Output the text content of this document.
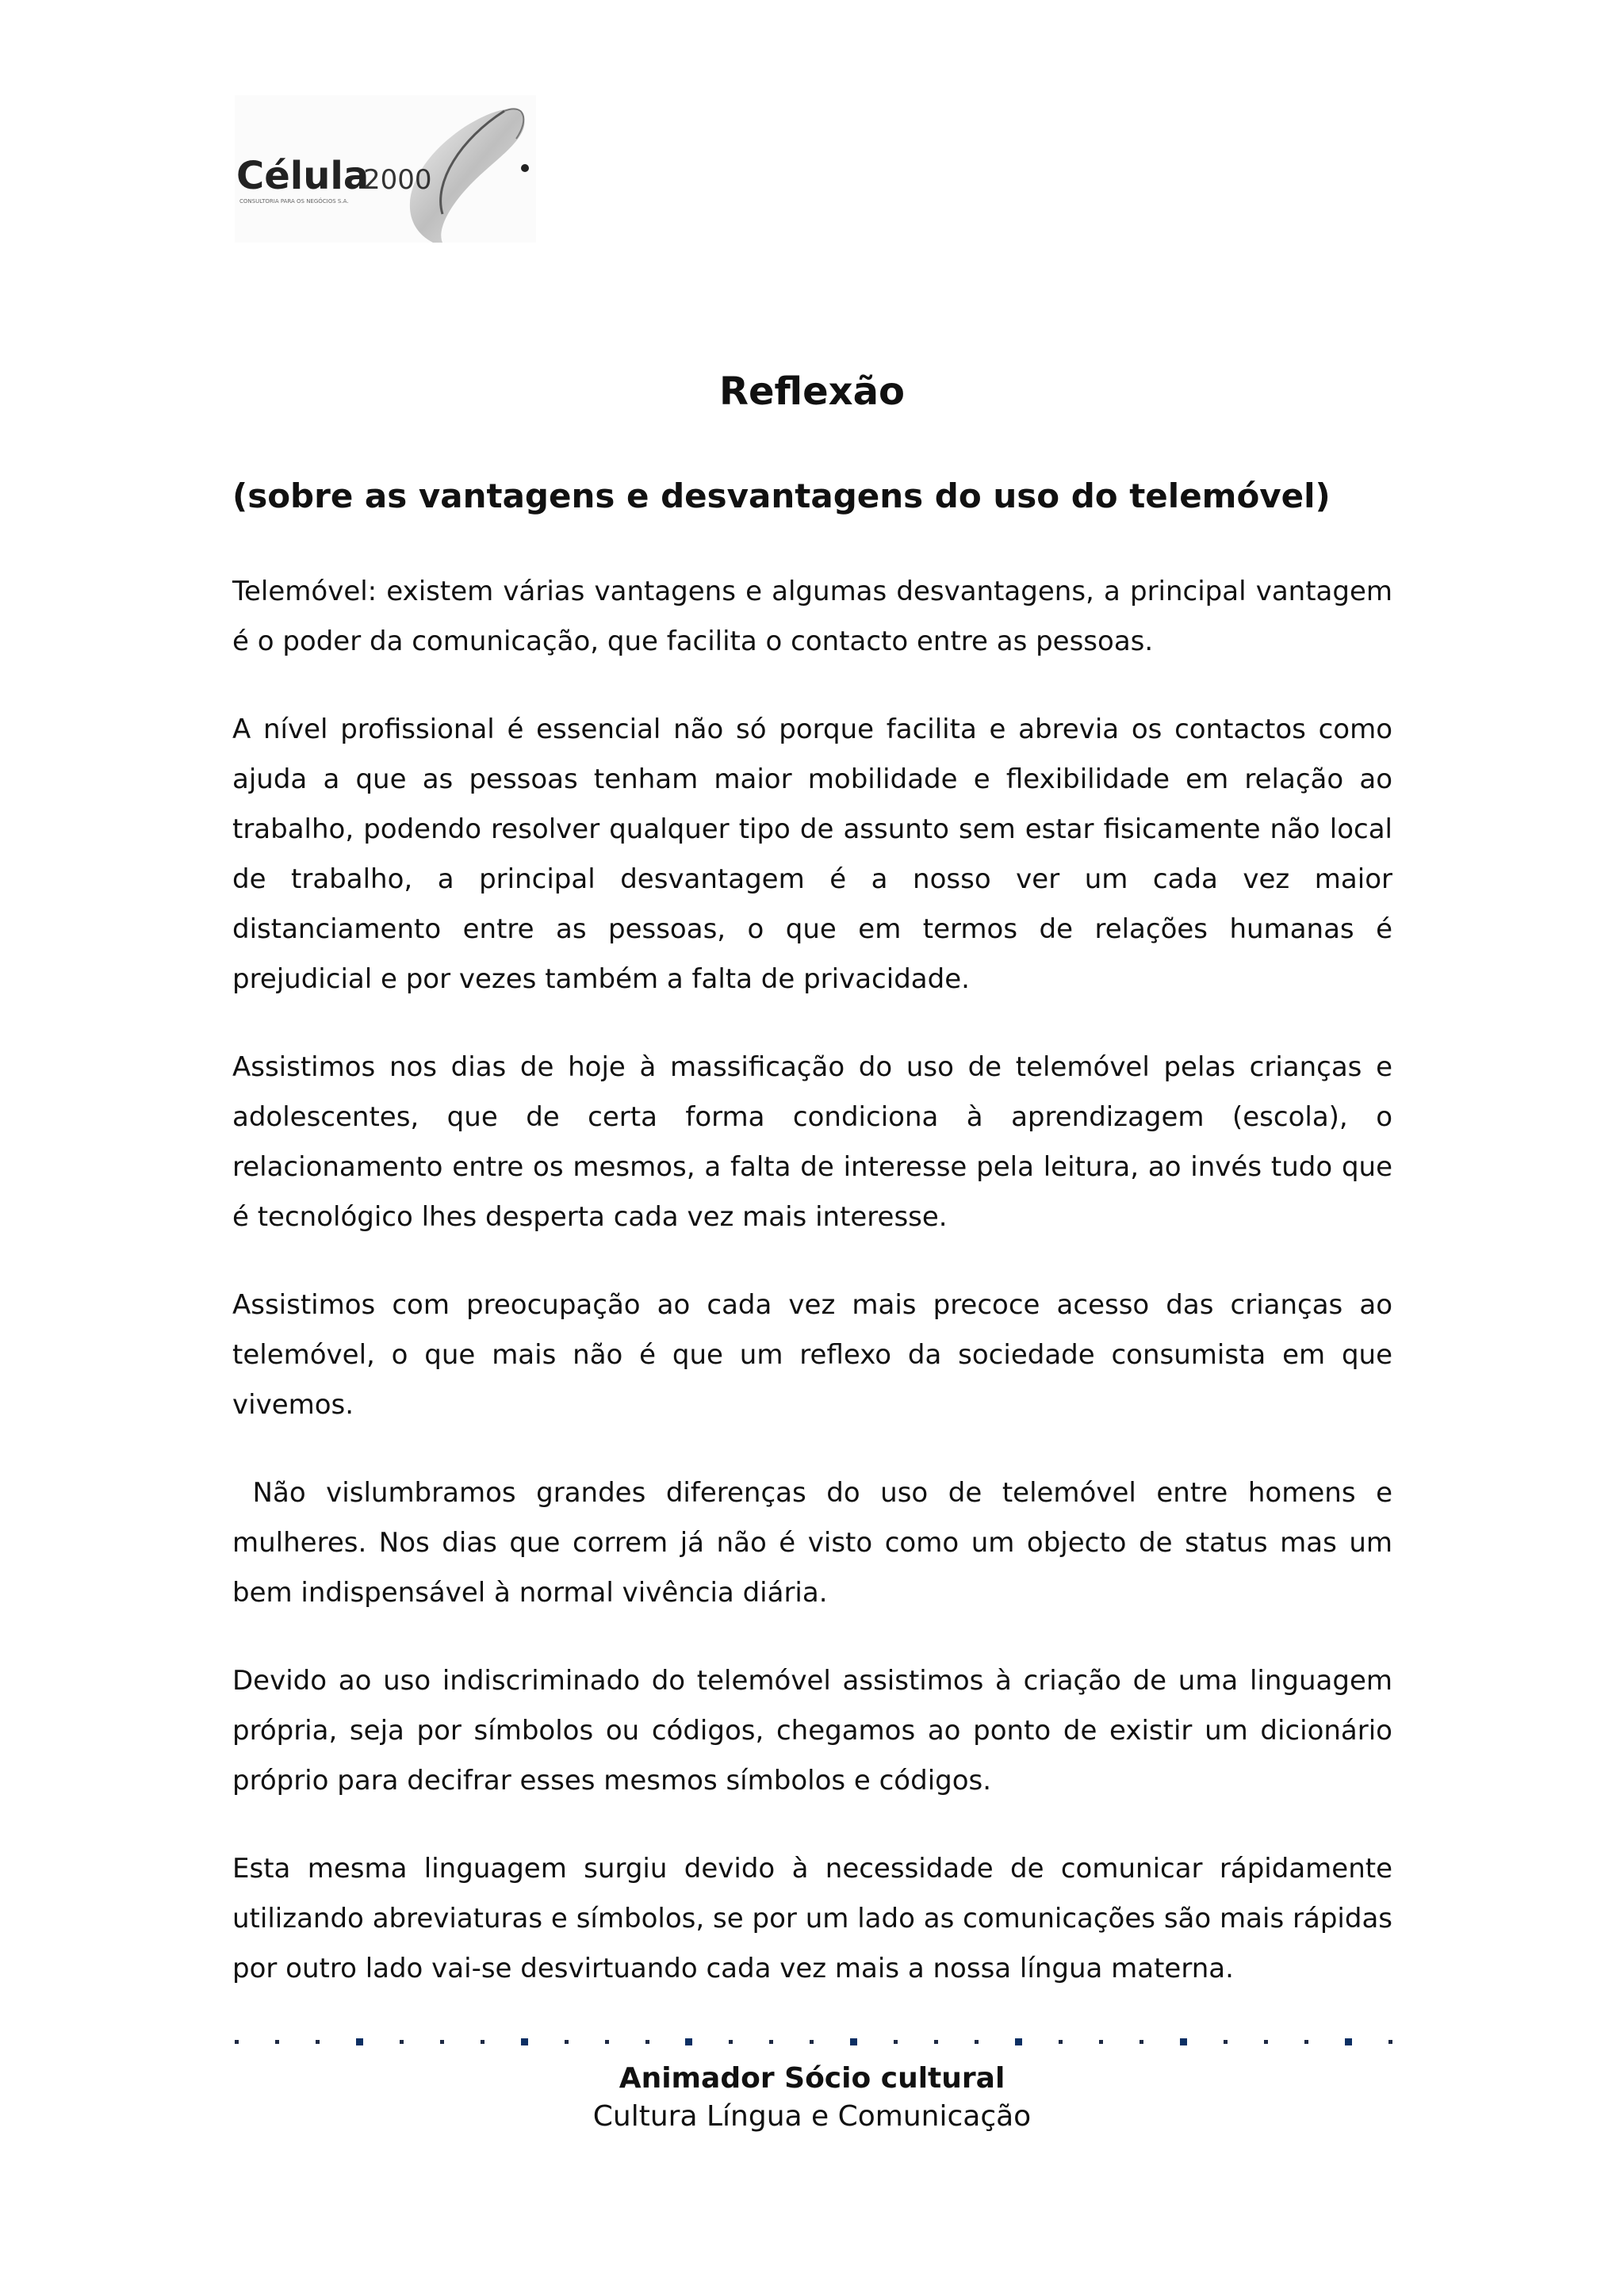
Célula
2000
CONSULTORIA PARA OS NEGÓCIOS S.A.
Reflexão
(sobre as vantagens e desvantagens do uso do telemóvel)

Telemóvel: existem várias vantagens e algumas desvantagens, a principal vantagem é o poder da comunicação, que facilita o contacto entre as pessoas.

A nível profissional é essencial não só porque facilita e abrevia os contactos como ajuda a que as pessoas tenham maior mobilidade e flexibilidade em relação ao trabalho, podendo resolver qualquer tipo de assunto sem estar fisicamente não local de trabalho, a principal desvantagem é a nosso ver um cada vez maior distanciamento entre as pessoas, o que em termos de relações humanas é prejudicial e por vezes também a falta de privacidade.

Assistimos nos dias de hoje à massificação do uso de telemóvel pelas crianças e adolescentes, que de certa forma condiciona à aprendizagem (escola), o relacionamento entre os mesmos, a falta de interesse pela leitura, ao invés tudo que é tecnológico lhes desperta cada vez mais interesse.

Assistimos com preocupação ao cada vez mais precoce acesso das crianças ao telemóvel, o que mais não é que um reflexo da sociedade consumista em que vivemos.

Não vislumbramos grandes diferenças do uso de telemóvel entre homens e mulheres. Nos dias que correm já não é visto como um objecto de status mas um bem indispensável à normal vivência diária.

Devido ao uso indiscriminado do telemóvel assistimos à criação de uma linguagem própria, seja por símbolos ou códigos, chegamos ao ponto de existir um dicionário próprio para decifrar esses mesmos símbolos e códigos.

Esta mesma linguagem surgiu devido à necessidade de comunicar rápidamente utilizando abreviaturas e símbolos, se por um lado as comunicações são mais rápidas por outro lado vai-se desvirtuando cada vez mais a nossa língua materna.

Animador Sócio cultural

Cultura Língua e Comunicação
